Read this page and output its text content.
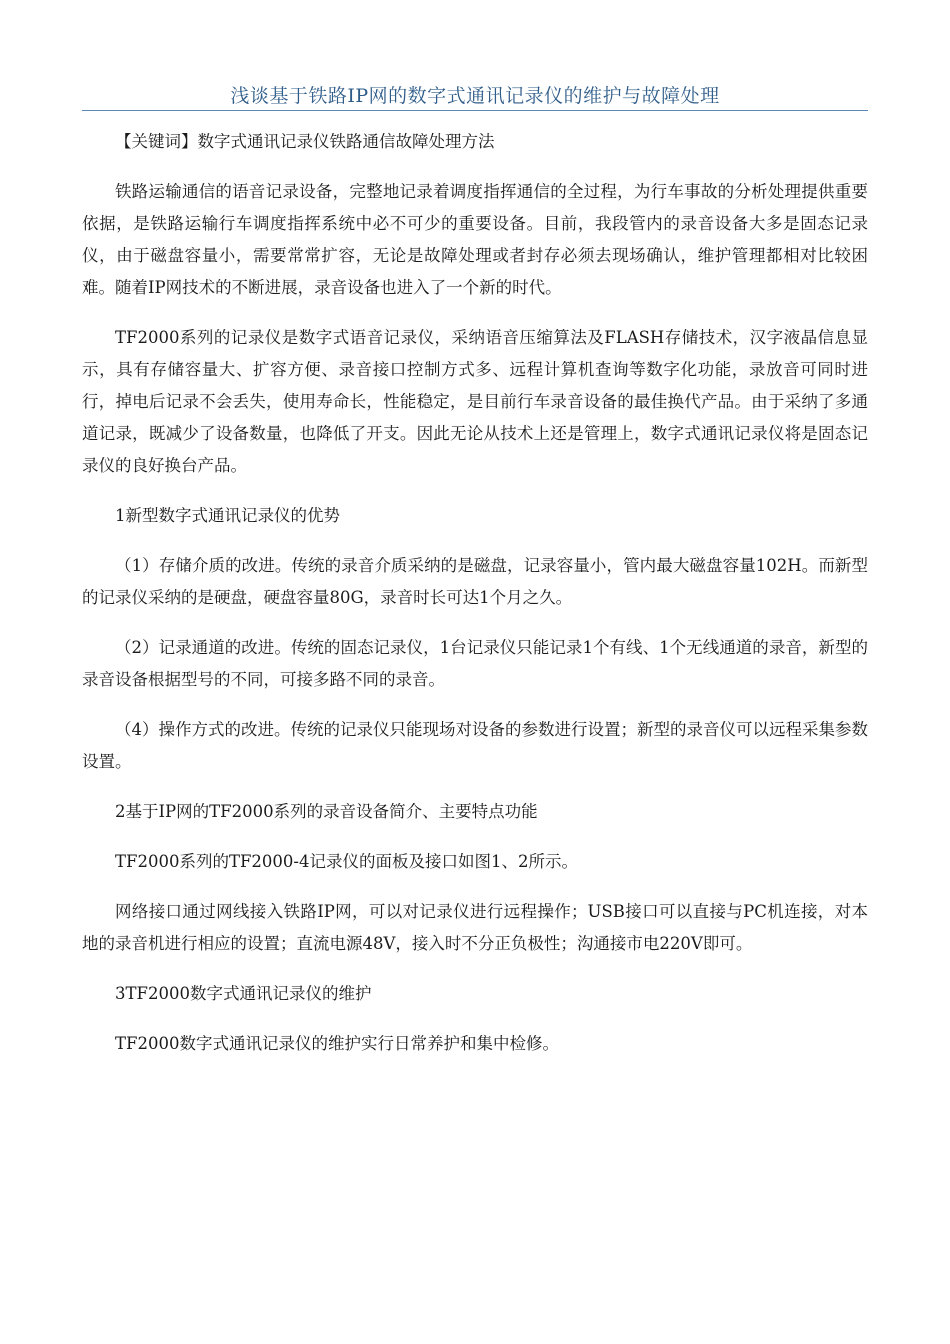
浅谈基于铁路IP网的数字式通讯记录仪的维护与故障处理

【关键词】数字式通讯记录仪铁路通信故障处理方法

铁路运输通信的语音记录设备，完整地记录着调度指挥通信的全过程，为行车事故的分析处理提供重要依据，是铁路运输行车调度指挥系统中必不可少的重要设备。目前，我段管内的录音设备大多是固态记录仪，由于磁盘容量小，需要常常扩容，无论是故障处理或者封存必须去现场确认，维护管理都相对比较困难。随着IP网技术的不断进展，录音设备也进入了一个新的时代。

TF2000系列的记录仪是数字式语音记录仪，采纳语音压缩算法及FLASH存储技术，汉字液晶信息显示，具有存储容量大、扩容方便、录音接口控制方式多、远程计算机查询等数字化功能，录放音可同时进行，掉电后记录不会丢失，使用寿命长，性能稳定，是目前行车录音设备的最佳换代产品。由于采纳了多通道记录，既减少了设备数量，也降低了开支。因此无论从技术上还是管理上，数字式通讯记录仪将是固态记录仪的良好换台产品。

1新型数字式通讯记录仪的优势

（1）存储介质的改进。传统的录音介质采纳的是磁盘，记录容量小，管内最大磁盘容量102H。而新型的记录仪采纳的是硬盘，硬盘容量80G，录音时长可达1个月之久。

（2）记录通道的改进。传统的固态记录仪，1台记录仪只能记录1个有线、1个无线通道的录音，新型的录音设备根据型号的不同，可接多路不同的录音。

（4）操作方式的改进。传统的记录仪只能现场对设备的参数进行设置；新型的录音仪可以远程采集参数设置。

2基于IP网的TF2000系列的录音设备简介、主要特点功能

TF2000系列的TF2000-4记录仪的面板及接口如图1、2所示。

网络接口通过网线接入铁路IP网，可以对记录仪进行远程操作；USB接口可以直接与PC机连接，对本地的录音机进行相应的设置；直流电源48V，接入时不分正负极性；沟通接市电220V即可。

3TF2000数字式通讯记录仪的维护

TF2000数字式通讯记录仪的维护实行日常养护和集中检修。
